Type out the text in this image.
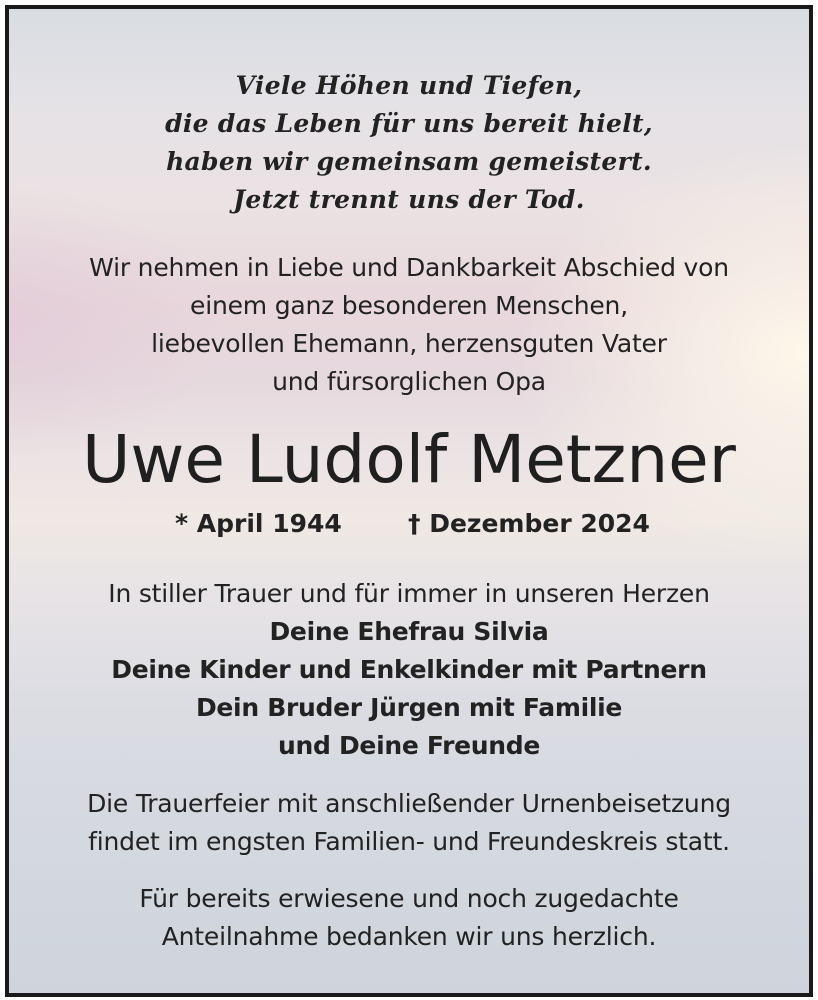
Viele Höhen und Tiefen,
die das Leben für uns bereit hielt,
haben wir gemeinsam gemeistert.
Jetzt trennt uns der Tod.
Wir nehmen in Liebe und Dankbarkeit Abschied von
einem ganz besonderen Menschen,
liebevollen Ehemann, herzensguten Vater
und fürsorglichen Opa
Uwe Ludolf Metzner
* April 1944	† Dezember 2024
In stiller Trauer und für immer in unseren Herzen
Deine Ehefrau Silvia
Deine Kinder und Enkelkinder mit Partnern
Dein Bruder Jürgen mit Familie
und Deine Freunde
Die Trauerfeier mit anschließender Urnenbeisetzung
findet im engsten Familien- und Freundeskreis statt.
Für bereits erwiesene und noch zugedachte
Anteilnahme bedanken wir uns herzlich.
